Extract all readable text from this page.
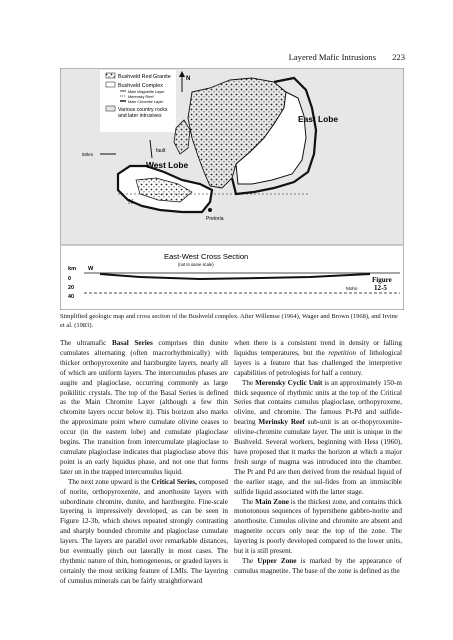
Layered Mafic Intrusions 223
Pretoria
N
Bushveld Red Granite
Bushveld Complex
Main Magnetite Layer
Merensky Reef
Main Chromite Layer
Various country rocks
and later intrusives
50km
fault
East Lobe
West Lobe
N
East-West Cross Section
(not to same scale)
km W
0
20
40
Moho
Figure
12-5
Simplified geologic map and cross section of the Bushveld complex. After Willemse (1964), Wager and Brown (1968), and Irvine et al. (1983).

The ultramafic Basal Series comprises thin dunite cumulates alternating (often macrorhythmically) with thicker orthopyroxenite and harzburgite layers, nearly all of which are uniform layers. The intercumulus phases are augite and plagioclase, occurring commonly as large poikilitic crystals. The top of the Basal Series is defined as the Main Chromite Layer (although a few thin chromite layers occur below it). This horizon also marks the approximate point where cumulate olivine ceases to occur (in the eastern lobe) and cumulate plagioclase begins. The transition from intercumulate plagioclase to cumulate plagioclase indicates that plagioclase above this point is an early liquidus phase, and not one that forms later on in the trapped intercumulus liquid.

The next zone upward is the Critical Series, composed of norite, orthopyroxenite, and anorthosite layers with subordinate chromite, dunite, and harzburgite. Fine-scale layering is impressively developed, as can be seen in Figure 12-3b, which shows repeated strongly contrasting and sharply bounded chromite and plagioclase cumulate layers. The layers are parallel over remarkable distances, but eventually pinch out laterally in most cases. The rhythmic nature of thin, homogeneous, or graded layers is certainly the most striking feature of LMIs. The layering of cumulus minerals can be fairly straightforward

when there is a consistent trend in density or falling liquidus temperatures, but the repetition of lithological layers is a feature that has challenged the interpretive capabilities of petrologists for half a century.

The Merensky Cyclic Unit is an approximately 150-m thick sequence of rhythmic units at the top of the Critical Series that contains cumulus plagioclase, orthopyroxene, olivine, and chromite. The famous Pt-Pd and sulfide-bearing Merinsky Reef sub-unit is an or-thopyroxenite-olivine-chromite cumulate layer. The unit is unique in the Bushveld. Several workers, beginning with Hess (1960), have proposed that it marks the horizon at which a major fresh surge of magma was introduced into the chamber. The Pt and Pd are then derived from the residual liquid of the earlier stage, and the sul-fides from an immiscible sulfide liquid associated with the latter stage.

The Main Zone is the thickest zone, and contains thick monotonous sequences of hypersthene gabbro-norite and anorthosite. Cumulus olivine and chromite are absent and magnetite occurs only near the top of the zone. The layering is poorly developed compared to the lower units, but it is still present.

The Upper Zone is marked by the appearance of cumulus magnetite. The base of the zone is defined as the
